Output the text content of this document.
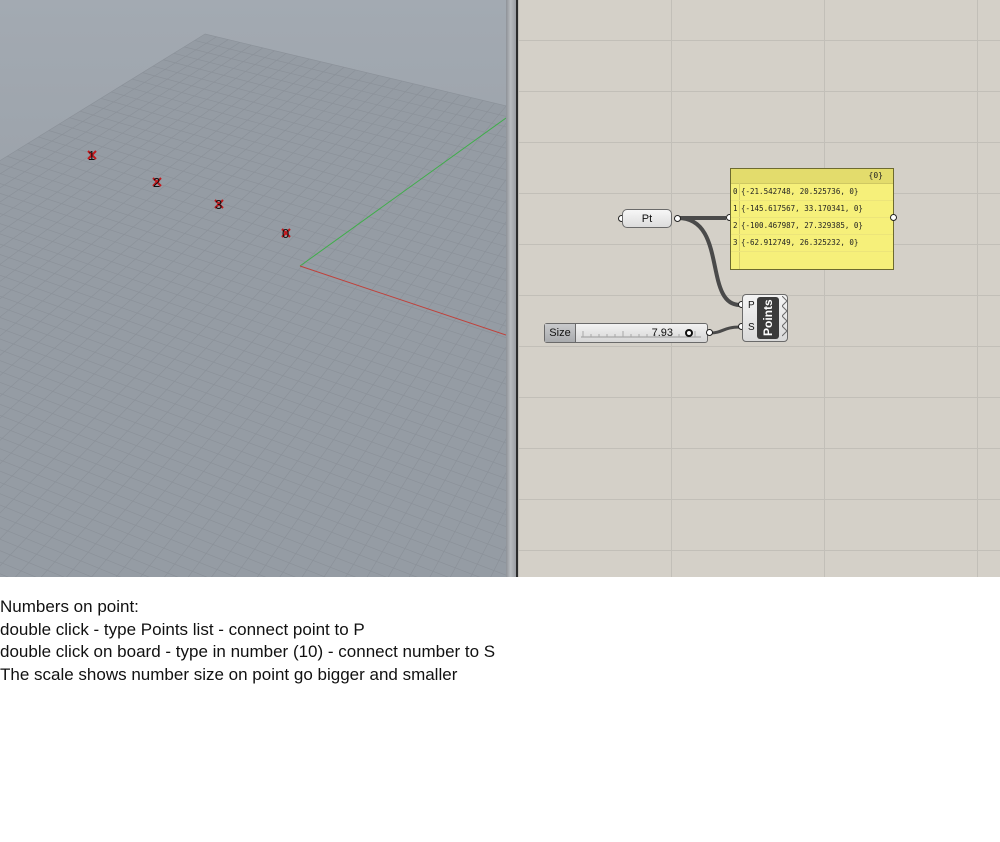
1
2
3
0
Pt
{0}
0 {-21.542748, 20.525736, 0}
1 {-145.617567, 33.170341, 0}
2 {-100.467987, 27.329385, 0}
3 {-62.912749, 26.325232, 0}
Size	7.93
P
S Points
Numbers on point:
double click - type Points list - connect point to P
double click on board - type in number (10) - connect number to S
The scale shows number size on point go bigger and smaller
